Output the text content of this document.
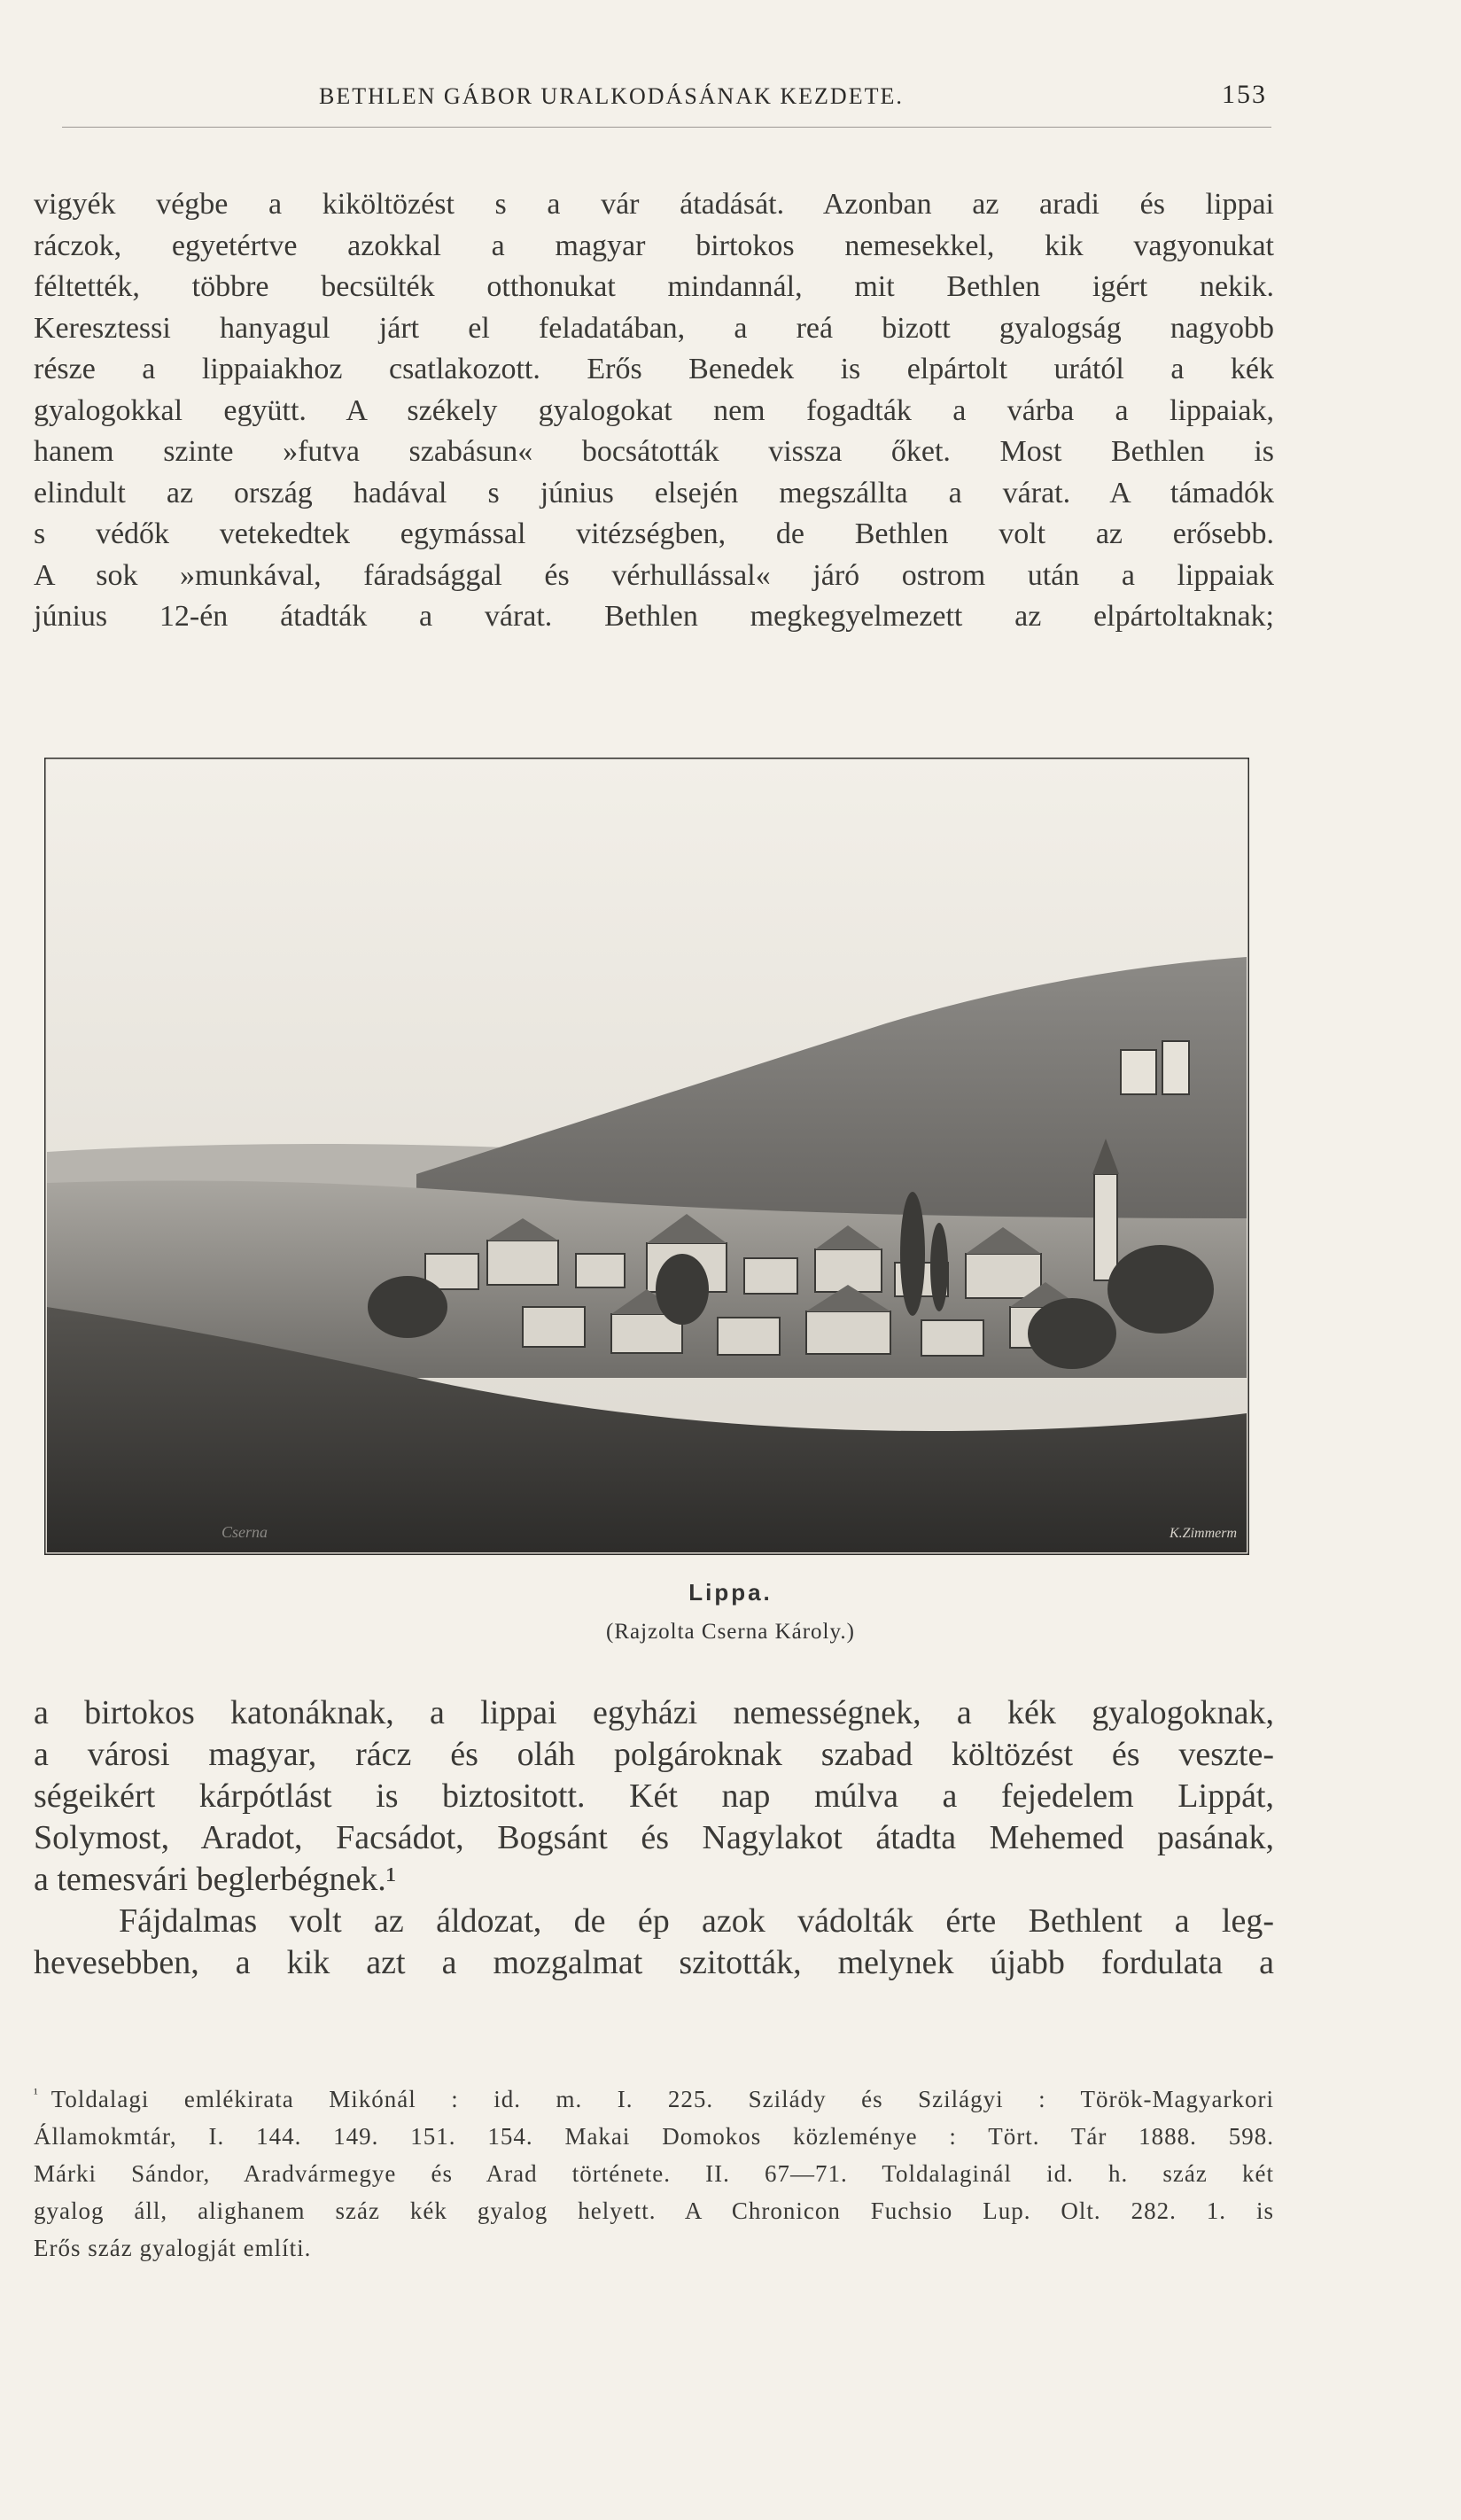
BETHLEN GÁBOR URALKODÁSÁNAK KEZDETE.	153
vigyék végbe a kiköltözést s a vár átadását. Azonban az aradi és lippai
ráczok, egyetértve azokkal a magyar birtokos nemesekkel, kik vagyonukat
féltették, többre becsülték otthonukat mindannál, mit Bethlen igért nekik.
Keresztessi hanyagul járt el feladatában, a reá bizott gyalogság nagyobb
része a lippaiakhoz csatlakozott. Erős Benedek is elpártolt urától a kék
gyalogokkal együtt. A székely gyalogokat nem fogadták a várba a lippaiak,
hanem szinte »futva szabásun« bocsátották vissza őket. Most Bethlen is
elindult az ország hadával s június elsején megszállta a várat. A támadók
s védők vetekedtek egymással vitézségben, de Bethlen volt az erősebb.
A sok »munkával, fáradsággal és vérhullással« járó ostrom után a lippaiak
június 12-én átadták a várat. Bethlen megkegyelmezett az elpártoltaknak;
Cserna	K.Zimmerm
Lippa.
(Rajzolta Cserna Károly.)
a birtokos katonáknak, a lippai egyházi nemességnek, a kék gyalogoknak,
a városi magyar, rácz és oláh polgároknak szabad költözést és veszte-
ségeikért kárpótlást is biztositott. Két nap múlva a fejedelem Lippát,
Solymost, Aradot, Facsádot, Bogsánt és Nagylakot átadta Mehemed pasának,
a temesvári beglerbégnek.¹
Fájdalmas volt az áldozat, de ép azok vádolták érte Bethlent a leg-
hevesebben, a kik azt a mozgalmat szitották, melynek újabb fordulata a
$^{^1}$ Toldalagi emlékirata Mikónál : id. m. I. 225. Szilády és Szilágyi : Török-Magyarkori
Államokmtár, I. 144. 149. 151. 154. Makai Domokos közleménye : Tört. Tár 1888. 598.
Márki Sándor, Aradvármegye és Arad története. II. 67—71. Toldalaginál id. h. száz két
gyalog áll, alighanem száz kék gyalog helyett. A Chronicon Fuchsio Lup. Olt. 282. 1. is
Erős száz gyalogját említi.
